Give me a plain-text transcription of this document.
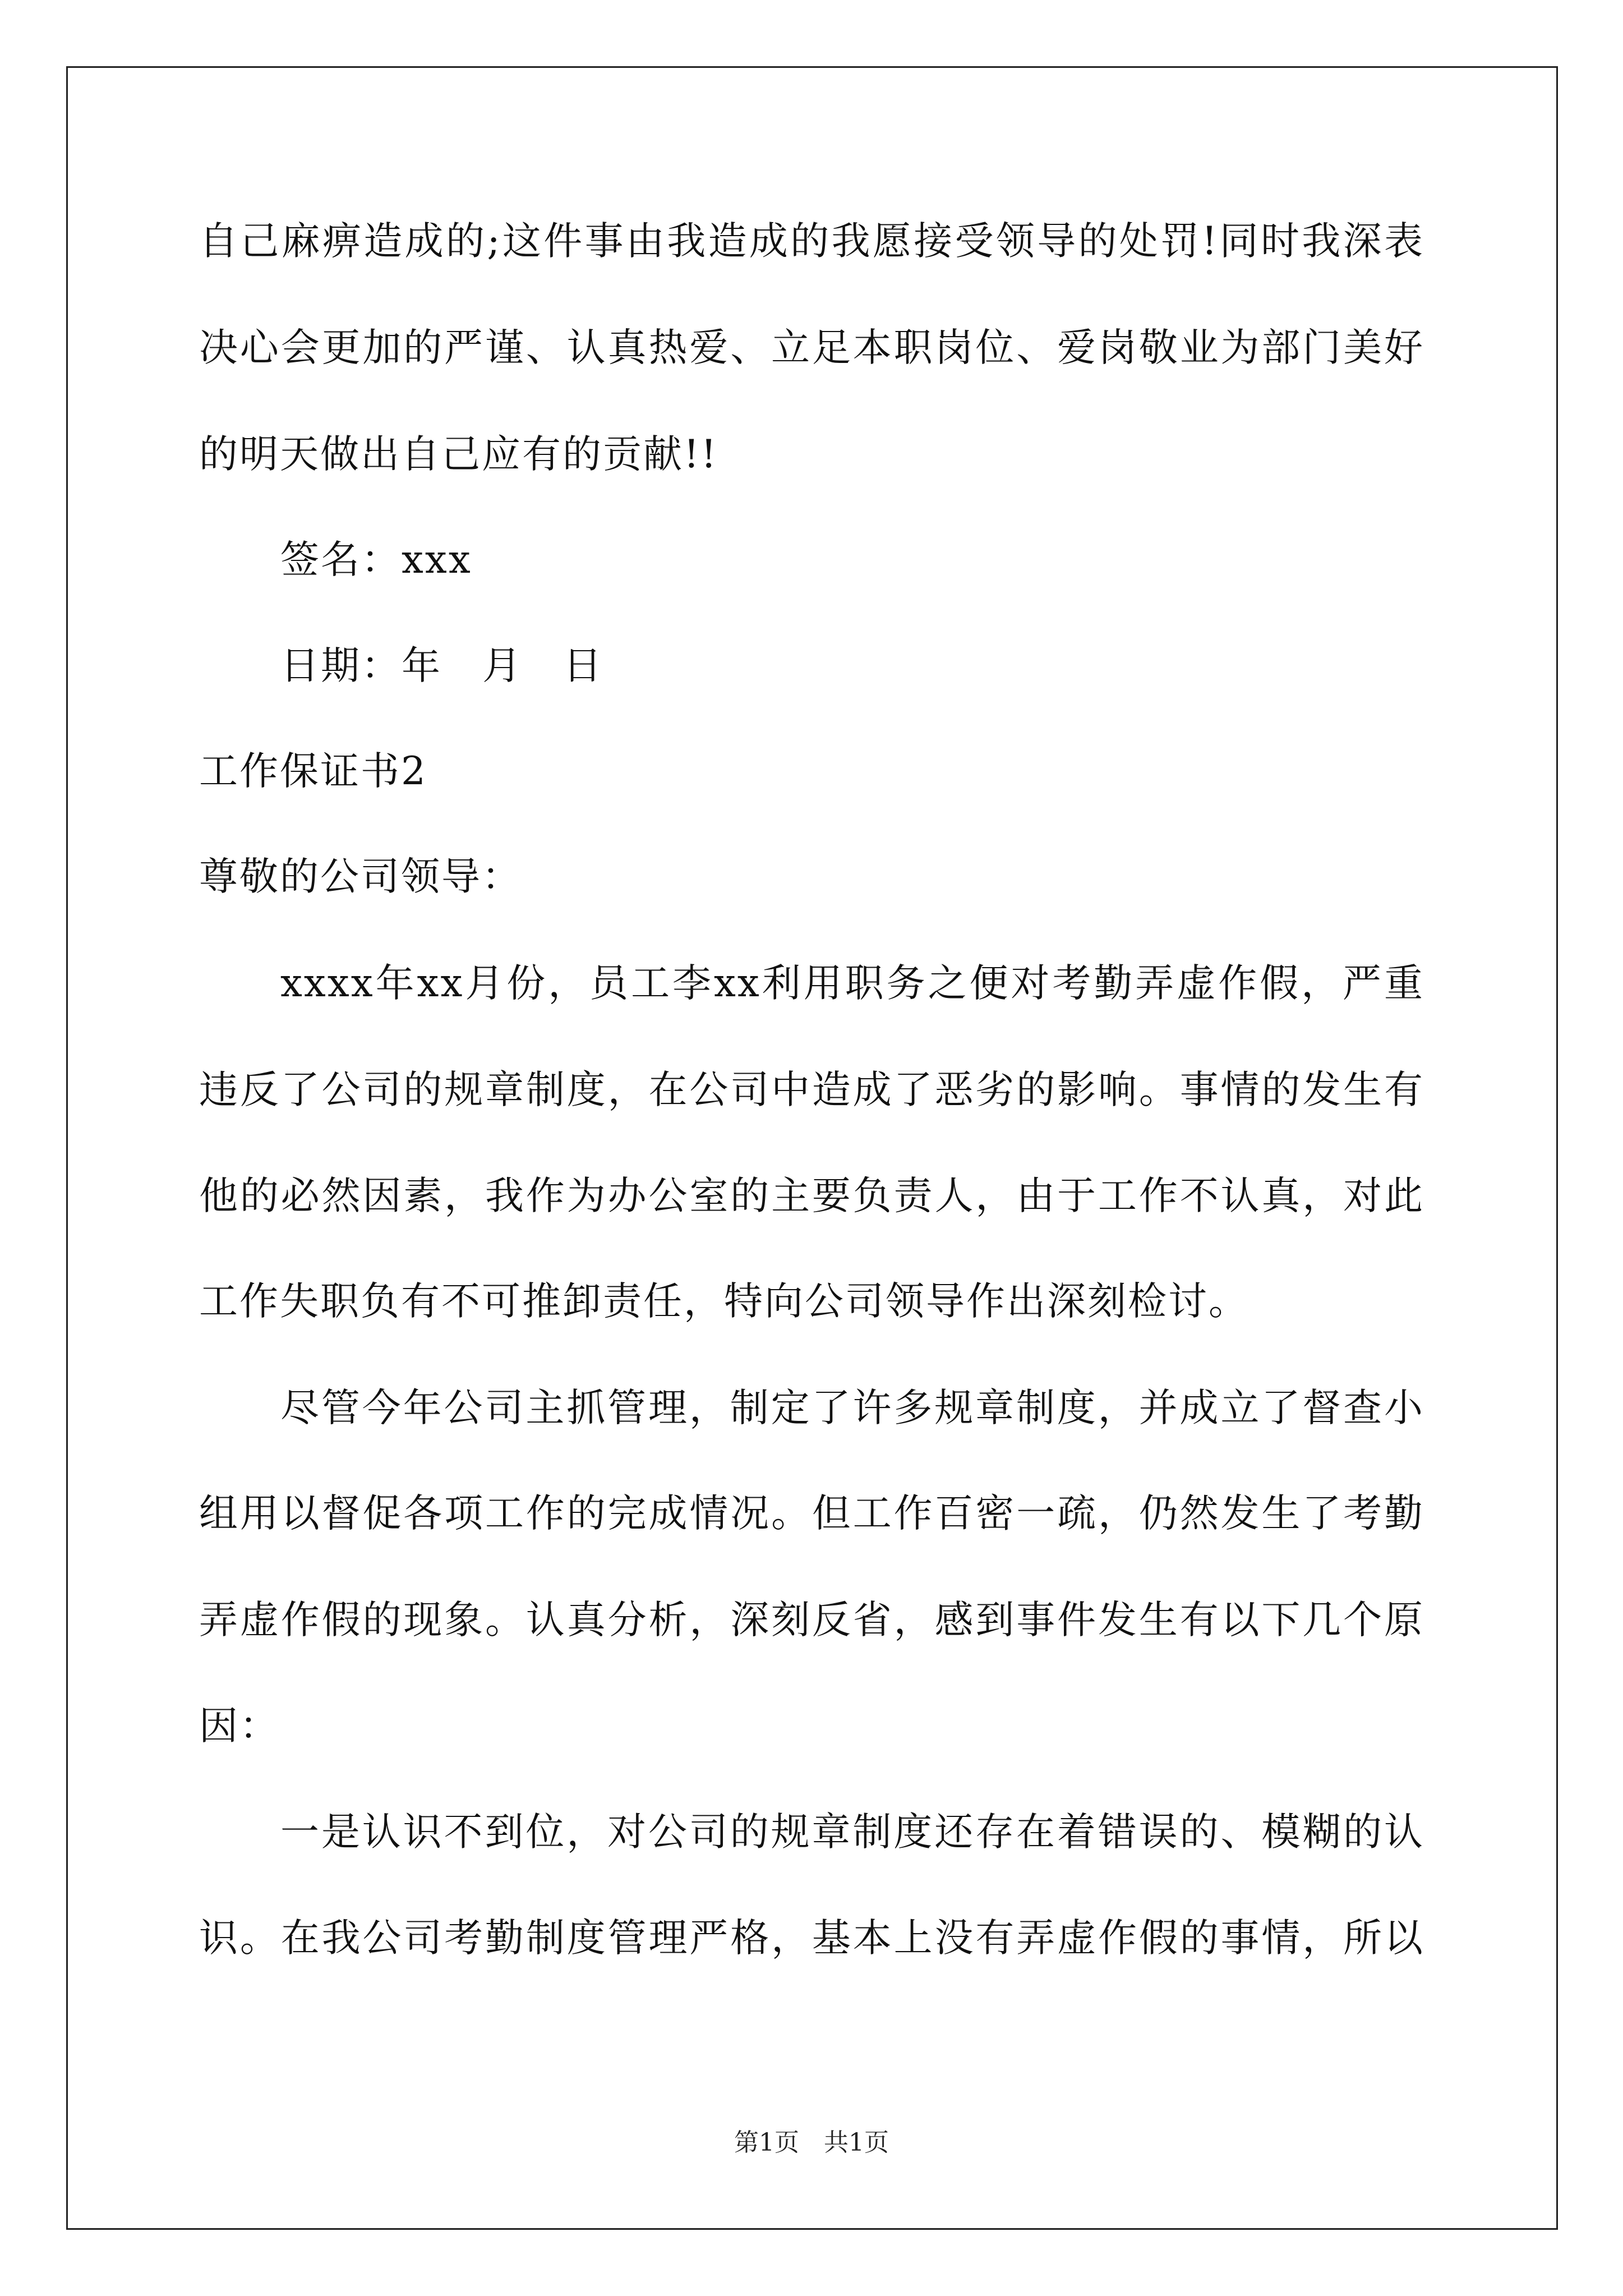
自己麻痹造成的;这件事由我造成的我愿接受领导的处罚!同时我深表
决心会更加的严谨、认真热爱、立足本职岗位、爱岗敬业为部门美好
的明天做出自己应有的贡献!!
签名：xxx
日期：年　月　日
工作保证书2
尊敬的公司领导：
xxxx年xx月份，员工李xx利用职务之便对考勤弄虚作假，严重
违反了公司的规章制度，在公司中造成了恶劣的影响。事情的发生有
他的必然因素，我作为办公室的主要负责人，由于工作不认真，对此
工作失职负有不可推卸责任，特向公司领导作出深刻检讨。
尽管今年公司主抓管理，制定了许多规章制度，并成立了督查小
组用以督促各项工作的完成情况。但工作百密一疏，仍然发生了考勤
弄虚作假的现象。认真分析，深刻反省，感到事件发生有以下几个原
因：
一是认识不到位，对公司的规章制度还存在着错误的、模糊的认
识。在我公司考勤制度管理严格，基本上没有弄虚作假的事情，所以
第1页　共1页
